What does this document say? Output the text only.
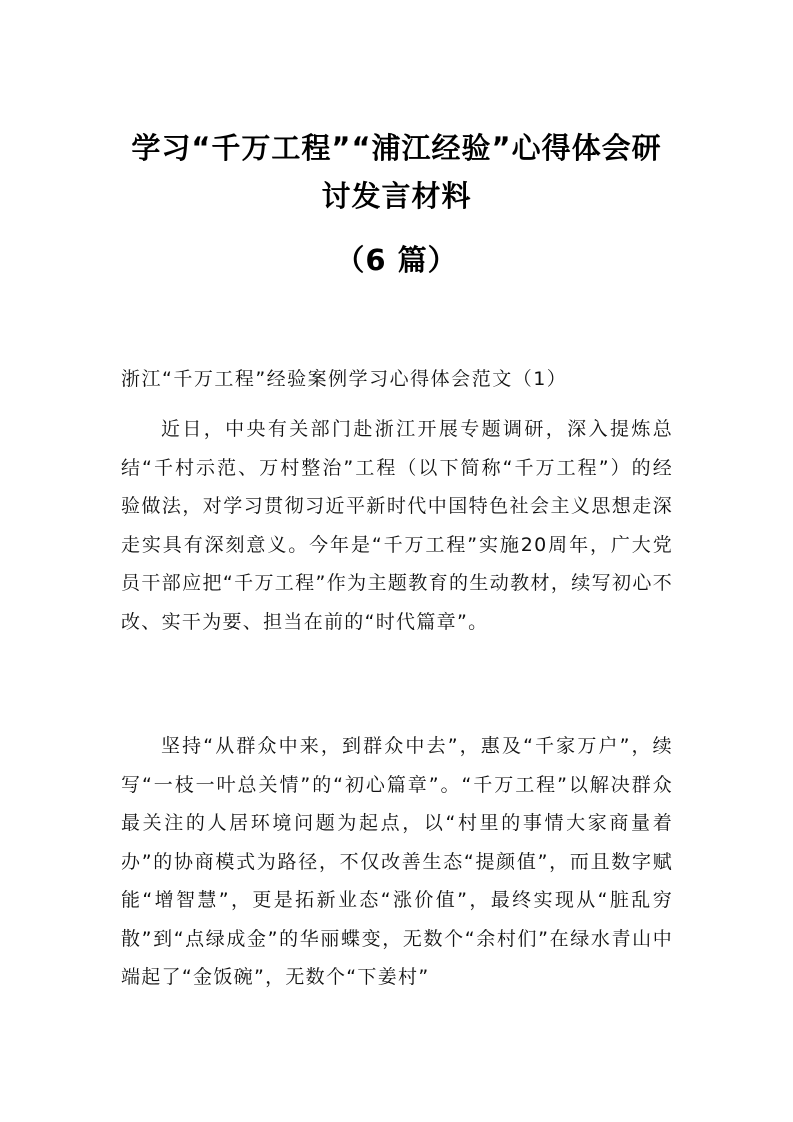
学习“千万工程”“浦江经验”心得体会研
讨发言材料
（6 篇）

浙江“千万工程”经验案例学习心得体会范文（1）

近日，中央有关部门赴浙江开展专题调研，深入提炼总结“千村示范、万村整治”工程（以下简称“千万工程”）的经验做法，对学习贯彻习近平新时代中国特色社会主义思想走深走实具有深刻意义。今年是“千万工程”实施20周年，广大党员干部应把“千万工程”作为主题教育的生动教材，续写初心不改、实干为要、担当在前的“时代篇章”。

坚持“从群众中来，到群众中去”，惠及“千家万户”，续写“一枝一叶总关情”的“初心篇章”。“千万工程”以解决群众最关注的人居环境问题为起点，以“村里的事情大家商量着办”的协商模式为路径，不仅改善生态“提颜值”，而且数字赋能“增智慧”，更是拓新业态“涨价值”，最终实现从“脏乱穷散”到“点绿成金”的华丽蝶变，无数个“余村们”在绿水青山中端起了“金饭碗”，无数个“下姜村”
